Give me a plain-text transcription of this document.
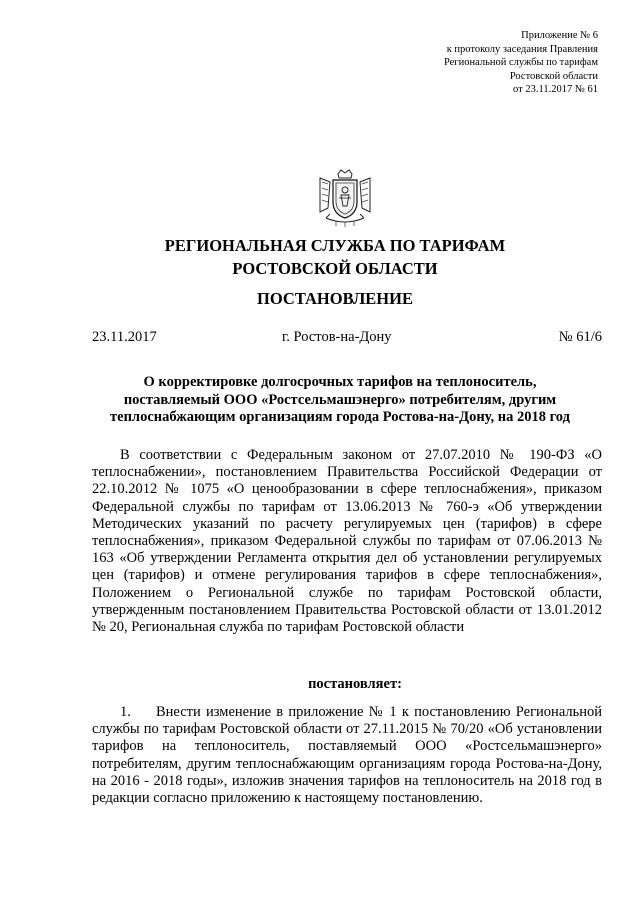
Приложение № 6
к протоколу заседания Правления
Региональной службы по тарифам
Ростовской области
от 23.11.2017 № 61
РЕГИОНАЛЬНАЯ СЛУЖБА ПО ТАРИФАМ
РОСТОВСКОЙ ОБЛАСТИ
ПОСТАНОВЛЕНИЕ
23.11.2017	г. Ростов-на-Дону	№ 61/6
О корректировке долгосрочных тарифов на теплоноситель,
поставляемый ООО «Ростсельмашэнерго» потребителям, другим
теплоснабжающим организациям города Ростова-на-Дону, на 2018 год

В соответствии с Федеральным законом от 27.07.2010 № 190-ФЗ «О теплоснабжении», постановлением Правительства Российской Федерации от 22.10.2012 № 1075 «О ценообразовании в сфере теплоснабжения», приказом Федеральной службы по тарифам от 13.06.2013 № 760-э «Об утверждении Методических указаний по расчету регулируемых цен (тарифов) в сфере теплоснабжения», приказом Федеральной службы по тарифам от 07.06.2013 № 163 «Об утверждении Регламента открытия дел об установлении регулируемых цен (тарифов) и отмене регулирования тарифов в сфере теплоснабжения», Положением о Региональной службе по тарифам Ростовской области, утвержденным постановлением Правительства Ростовской области от 13.01.2012 № 20, Региональная служба по тарифам Ростовской области

постановляет:

1. Внести изменение в приложение № 1 к постановлению Региональной службы по тарифам Ростовской области от 27.11.2015 № 70/20 «Об установлении тарифов на теплоноситель, поставляемый ООО «Ростсельмашэнерго» потребителям, другим теплоснабжающим организациям города Ростова-на-Дону, на 2016 - 2018 годы», изложив значения тарифов на теплоноситель на 2018 год в редакции согласно приложению к настоящему постановлению.
